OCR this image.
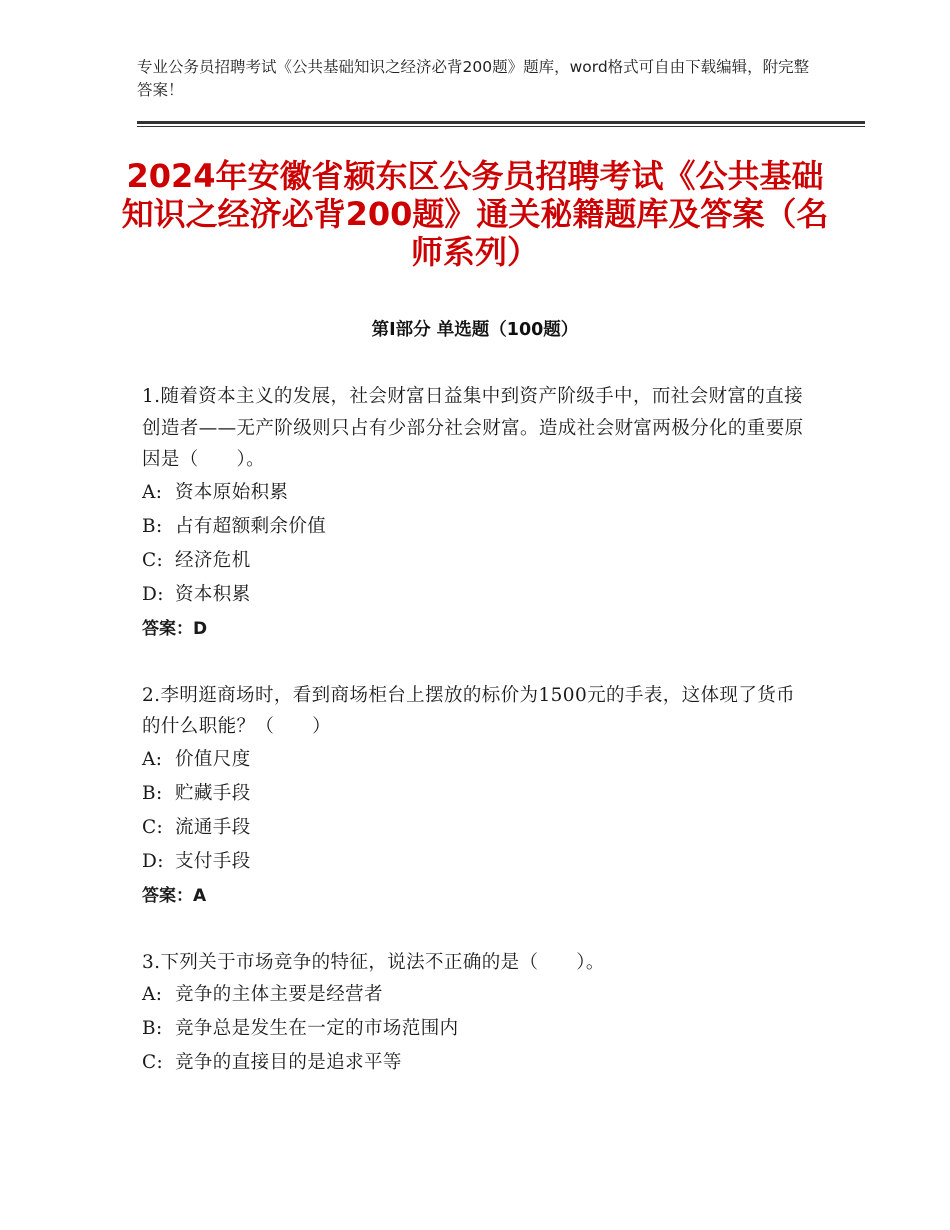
专业公务员招聘考试《公共基础知识之经济必背200题》题库，word格式可自由下载编辑，附完整答案！
2024年安徽省颍东区公务员招聘考试《公共基础知识之经济必背200题》通关秘籍题库及答案（名师系列）
第Ⅰ部分 单选题（100题）
1.随着资本主义的发展，社会财富日益集中到资产阶级手中，而社会财富的直接创造者——无产阶级则只占有少部分社会财富。造成社会财富两极分化的重要原因是（　　）。
A: 资本原始积累
B: 占有超额剩余价值
C: 经济危机
D: 资本积累
答案：D
2.李明逛商场时，看到商场柜台上摆放的标价为1500元的手表，这体现了货币的什么职能？（　　）
A: 价值尺度
B: 贮藏手段
C: 流通手段
D: 支付手段
答案：A
3.下列关于市场竞争的特征，说法不正确的是（　　）。
A: 竞争的主体主要是经营者
B: 竞争总是发生在一定的市场范围内
C: 竞争的直接目的是追求平等
